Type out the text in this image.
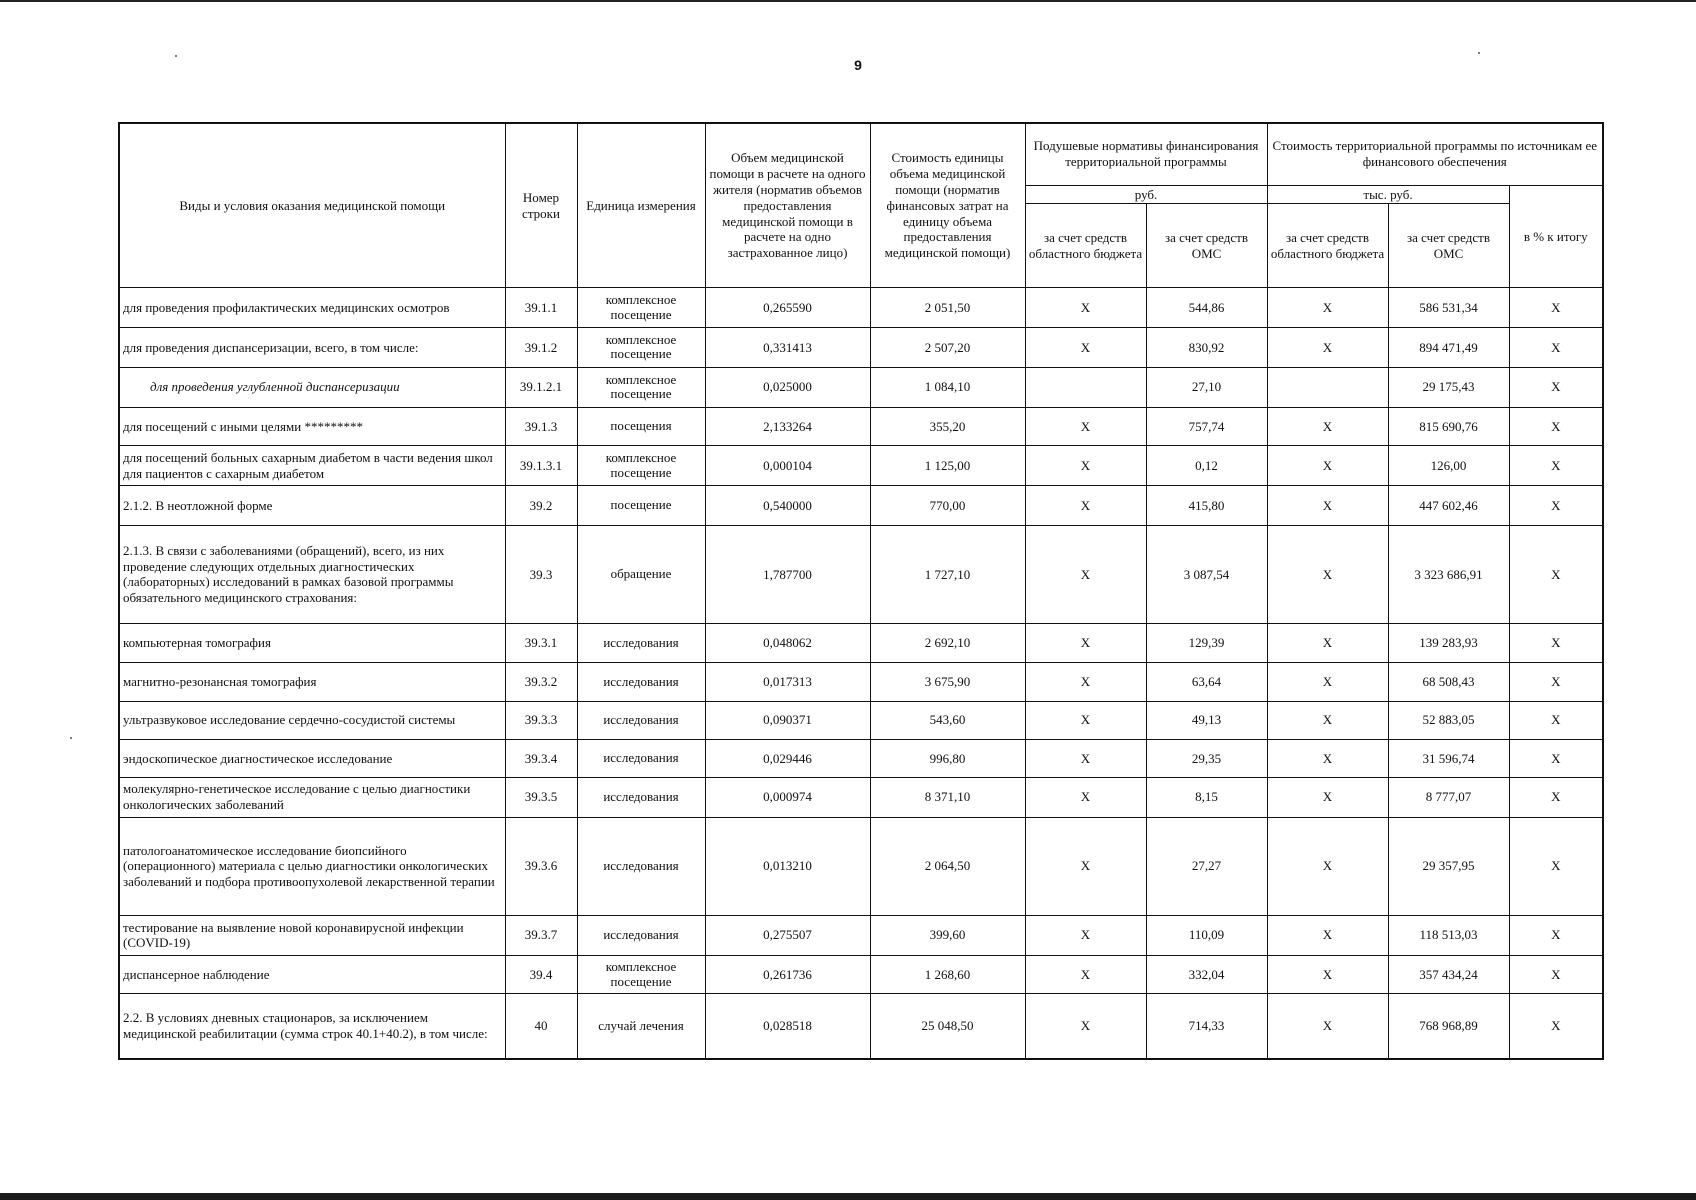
9
Виды и условия оказания медицинской помощи	Номер строки	Единица измерения	Объем медицинской помощи в расчете на одного жителя (норматив объемов предоставления медицинской помощи в расчете на одно застрахованное лицо)	Стоимость единицы объема медицинской помощи (норматив финансовых затрат на единицу объема предоставления медицинской помощи)	Подушевые нормативы финансирования территориальной программы		Стоимость территориальной программы по источникам ее финансового обеспечения		
					руб.		тыс. руб.		в % к итогу
					за счет средств областного бюджета	за счет средств ОМС	за счет средств областного бюджета	за счет средств ОМС	
для проведения профилактических медицинских осмотров	39.1.1	комплексное посещение	0,265590	2 051,50	X	544,86	X	586 531,34	X
для проведения диспансеризации, всего, в том числе:	39.1.2	комплексное посещение	0,331413	2 507,20	X	830,92	X	894 471,49	X
для проведения углубленной диспансеризации	39.1.2.1	комплексное посещение	0,025000	1 084,10		27,10		29 175,43	X
для посещений с иными целями *********	39.1.3	посещения	2,133264	355,20	X	757,74	X	815 690,76	X
для посещений больных сахарным диабетом в части ведения школ для пациентов с сахарным диабетом	39.1.3.1	комплексное посещение	0,000104	1 125,00	X	0,12	X	126,00	X
2.1.2. В неотложной форме	39.2	посещение	0,540000	770,00	X	415,80	X	447 602,46	X
2.1.3. В связи с заболеваниями (обращений), всего, из них проведение следующих отдельных диагностических (лабораторных) исследований в рамках базовой программы обязательного медицинского страхования:	39.3	обращение	1,787700	1 727,10	X	3 087,54	X	3 323 686,91	X
компьютерная томография	39.3.1	исследования	0,048062	2 692,10	X	129,39	X	139 283,93	X
магнитно-резонансная томография	39.3.2	исследования	0,017313	3 675,90	X	63,64	X	68 508,43	X
ультразвуковое исследование сердечно-сосудистой системы	39.3.3	исследования	0,090371	543,60	X	49,13	X	52 883,05	X
эндоскопическое диагностическое исследование	39.3.4	исследования	0,029446	996,80	X	29,35	X	31 596,74	X
молекулярно-генетическое исследование с целью диагностики онкологических заболеваний	39.3.5	исследования	0,000974	8 371,10	X	8,15	X	8 777,07	X
патологоанатомическое исследование биопсийного (операционного) материала с целью диагностики онкологических заболеваний и подбора противоопухолевой лекарственной терапии	39.3.6	исследования	0,013210	2 064,50	X	27,27	X	29 357,95	X
тестирование на выявление новой коронавирусной инфекции (COVID-19)	39.3.7	исследования	0,275507	399,60	X	110,09	X	118 513,03	X
диспансерное наблюдение	39.4	комплексное посещение	0,261736	1 268,60	X	332,04	X	357 434,24	X
2.2. В условиях дневных стационаров, за исключением медицинской реабилитации (сумма строк 40.1+40.2), в том числе:	40	случай лечения	0,028518	25 048,50	X	714,33	X	768 968,89	X
